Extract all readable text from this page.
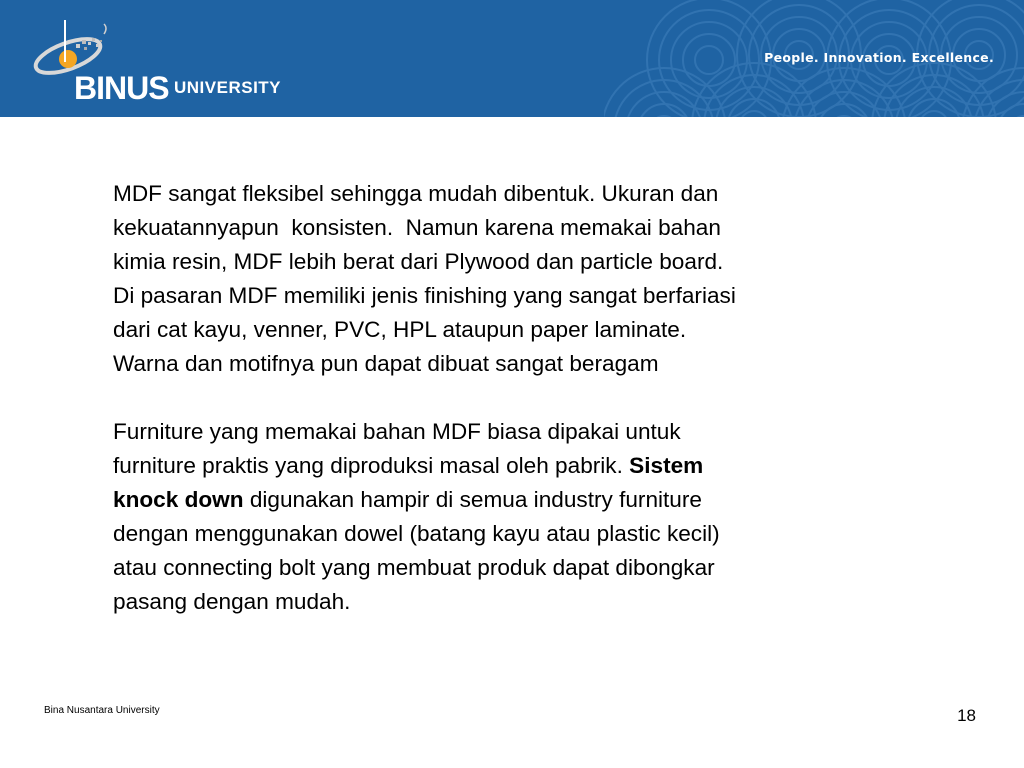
BINUS UNIVERSITY
People. Innovation. Excellence.

MDF sangat fleksibel sehingga mudah dibentuk. Ukuran dan

kekuatannyapun  konsisten.  Namun karena memakai bahan

kimia resin, MDF lebih berat dari Plywood dan particle board.

Di pasaran MDF memiliki jenis finishing yang sangat berfariasi

dari cat kayu, venner, PVC, HPL ataupun paper laminate.

Warna dan motifnya pun dapat dibuat sangat beragam

Furniture yang memakai bahan MDF biasa dipakai untuk

furniture praktis yang diproduksi masal oleh pabrik. Sistem

knock down digunakan hampir di semua industry furniture

dengan menggunakan dowel (batang kayu atau plastic kecil)

atau connecting bolt yang membuat produk dapat dibongkar

pasang dengan mudah.

Bina Nusantara University	18
